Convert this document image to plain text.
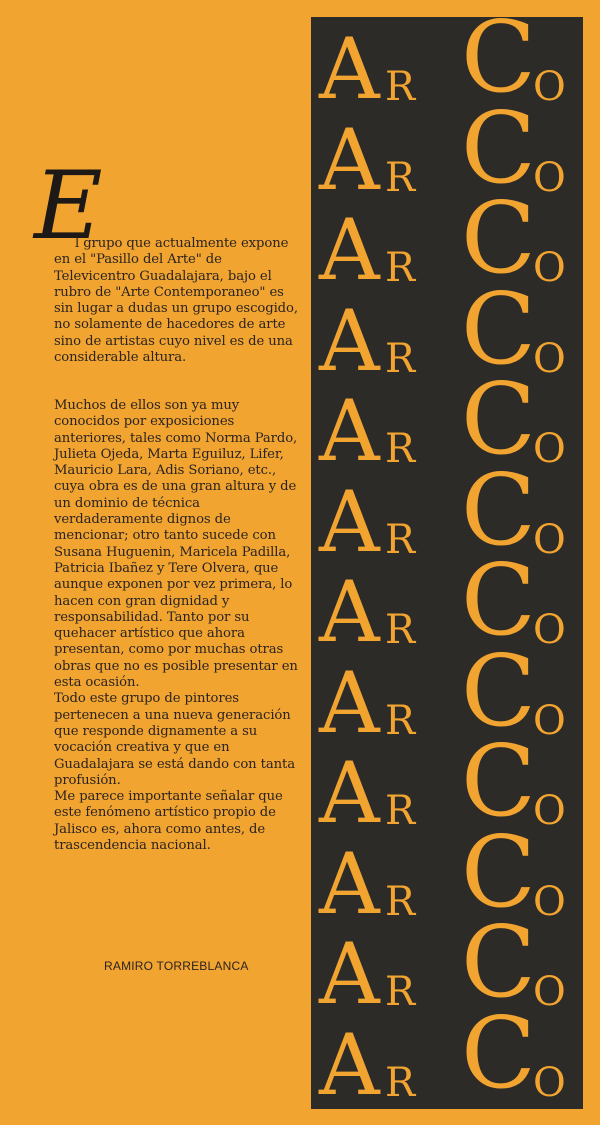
E

l grupo que actualmente expone en el "Pasillo del Arte" de Televicentro Guadalajara, bajo el rubro de "Arte Contemporaneo" es sin lugar a dudas un grupo escogido, no solamente de hacedores de arte sino de artistas cuyo nivel es de una considerable altura.

Muchos de ellos son ya muy conocidos por exposiciones anteriores, tales como Norma Pardo, Julieta Ojeda, Marta Eguiluz, Lifer, Mauricio Lara, Adis Soriano, etc., cuya obra es de una gran altura y de un dominio de técnica verdaderamente dignos de mencionar; otro tanto sucede con Susana Huguenin, Maricela Padilla, Patricia Ibañez y Tere Olvera, que aunque exponen por vez primera, lo hacen con gran dignidad y responsabilidad. Tanto por su quehacer artístico que ahora presentan, como por muchas otras obras que no es posible presentar en esta ocasión.

Todo este grupo de pintores pertenecen a una nueva generación que responde dignamente a su vocación creativa y que en Guadalajara se está dando con tanta profusión.

Me parece importante señalar que este fenómeno artístico propio de Jalisco es, ahora como antes, de trascendencia nacional.

RAMIRO TORREBLANCA
A R C
O
A R C
O
A R C
O
A R C
O
A R C
O
A R C
O
A R C
O
A R C
O
A R C
O
A R C
O
A R C
O
A R C
O
